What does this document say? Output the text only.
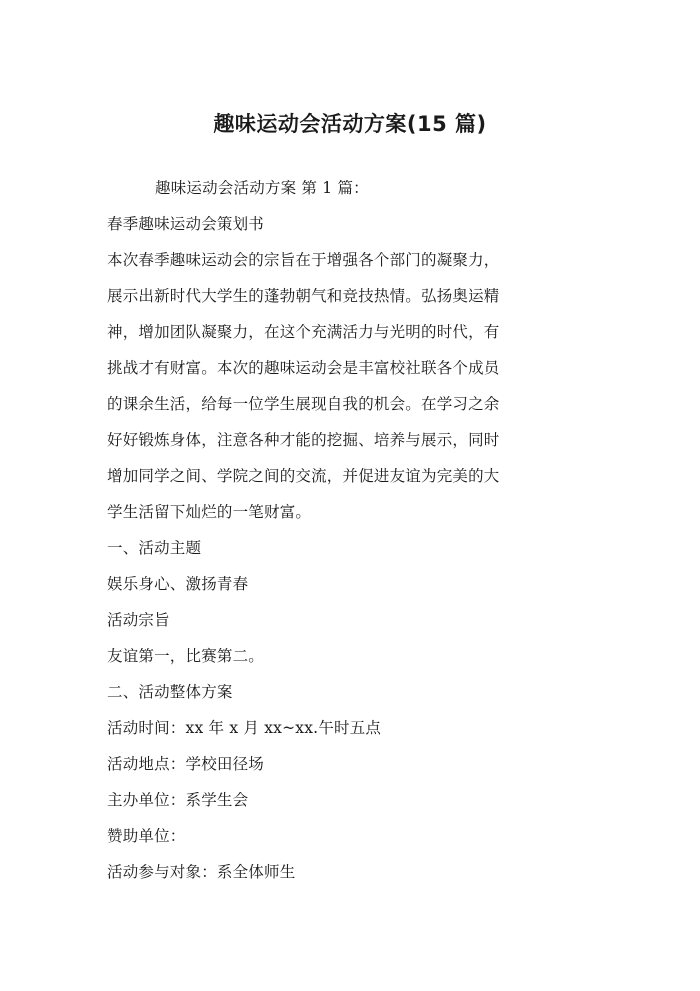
趣味运动会活动方案(15 篇)

趣味运动会活动方案 第 1 篇：

春季趣味运动会策划书

本次春季趣味运动会的宗旨在于增强各个部门的凝聚力，

展示出新时代大学生的蓬勃朝气和竞技热情。弘扬奥运精

神，增加团队凝聚力，在这个充满活力与光明的时代，有

挑战才有财富。本次的趣味运动会是丰富校社联各个成员

的课余生活，给每一位学生展现自我的机会。在学习之余

好好锻炼身体，注意各种才能的挖掘、培养与展示，同时

增加同学之间、学院之间的交流，并促进友谊为完美的大

学生活留下灿烂的一笔财富。

一、活动主题

娱乐身心、激扬青春

活动宗旨

友谊第一，比赛第二。

二、活动整体方案

活动时间：xx 年 x 月 xx~xx.午时五点

活动地点：学校田径场

主办单位：系学生会

赞助单位：

活动参与对象：系全体师生
